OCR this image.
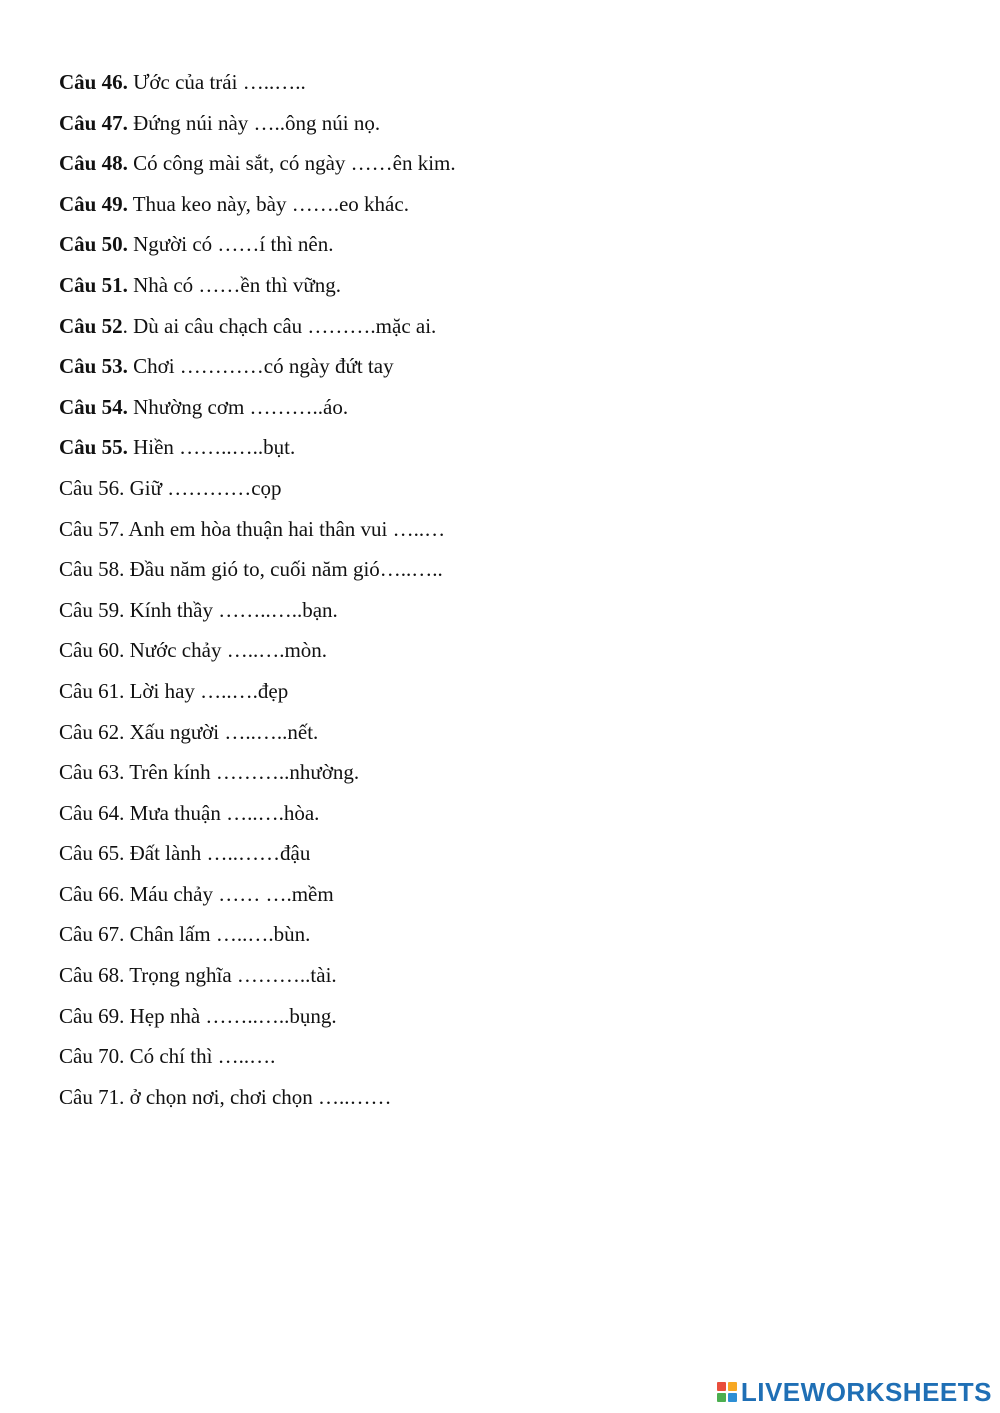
Câu 46. Ước của trái …..…..
Câu 47. Đứng núi này …..ông núi nọ.
Câu 48. Có công mài sắt, có ngày ……ên kim.
Câu 49. Thua keo này, bày …….eo khác.
Câu 50. Người có ……í thì nên.
Câu 51. Nhà có ……ền thì vững.
Câu 52. Dù ai câu chạch câu ……….mặc ai.
Câu 53. Chơi …………có ngày đứt tay
Câu 54. Nhường cơm ………..áo.
Câu 55. Hiền ……..…..bụt.
Câu 56. Giữ …………cọp
Câu 57. Anh em hòa thuận hai thân vui …..…
Câu 58. Đầu năm gió to, cuối năm gió…..…..
Câu 59. Kính thầy ……..…..bạn.
Câu 60. Nước chảy …..….mòn.
Câu 61. Lời hay …..….đẹp
Câu 62. Xấu người …..…..nết.
Câu 63. Trên kính ………..nhường.
Câu 64. Mưa thuận …..….hòa.
Câu 65. Đất lành …..……đậu
Câu 66. Máu chảy …… ….mềm
Câu 67. Chân lấm …..….bùn.
Câu 68. Trọng nghĩa ………..tài.
Câu 69. Hẹp nhà ……..…..bụng.
Câu 70. Có chí thì …..….
Câu 71. ở chọn nơi, chơi chọn …..……
LIVEWORKSHEETS
